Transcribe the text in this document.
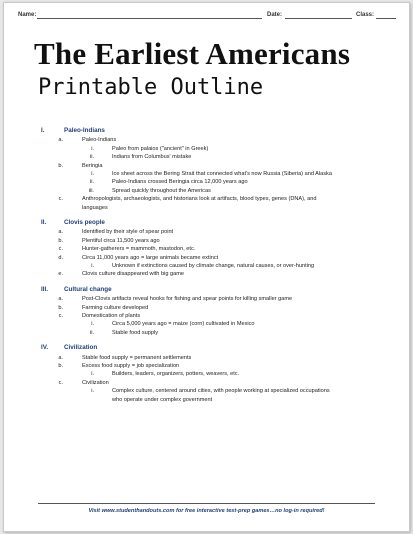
Name:	Date:	Class:
The Earliest Americans
Printable Outline
I.	Paleo-Indians
a.	Paleo-Indians
i.	Paleo from palaios ("ancient" in Greek)
ii.	Indians from Columbus' mistake
b.	Beringia
i.	Ice sheet across the Bering Strait that connected what's now Russia (Siberia) and Alaska
ii.	Paleo-Indians crossed Beringia circa 12,000 years ago
iii.	Spread quickly throughout the Americas
c.	Anthropologists, archaeologists, and historians look at artifacts, blood types, genes (DNA), and
languages
II.	Clovis people
a.	Identified by their style of spear point
b.	Plentiful circa 11,500 years ago
c.	Hunter-gatherers = mammoth, mastodon, etc.
d.	Circa 11,000 years ago = large animals became extinct
i.	Unknown if extinctions caused by climate change, natural causes, or over-hunting
e.	Clovis culture disappeared with big game
III.	Cultural change
a.	Post-Clovis artifacts reveal hooks for fishing and spear points for killing smaller game
b.	Farming culture developed
c.	Domestication of plants
i.	Circa 5,000 years ago = maize (corn) cultivated in Mexico
ii.	Stable food supply
IV.	Civilization
a.	Stable food supply = permanent settlements
b.	Excess food supply = job specialization
i.	Builders, leaders, organizers, potters, weavers, etc.
c.	Civilization
i.	Complex culture, centered around cities, with people working at specialized occupations
who operate under complex government
Visit www.studenthandouts.com for free interactive test-prep games…no log-in required!
